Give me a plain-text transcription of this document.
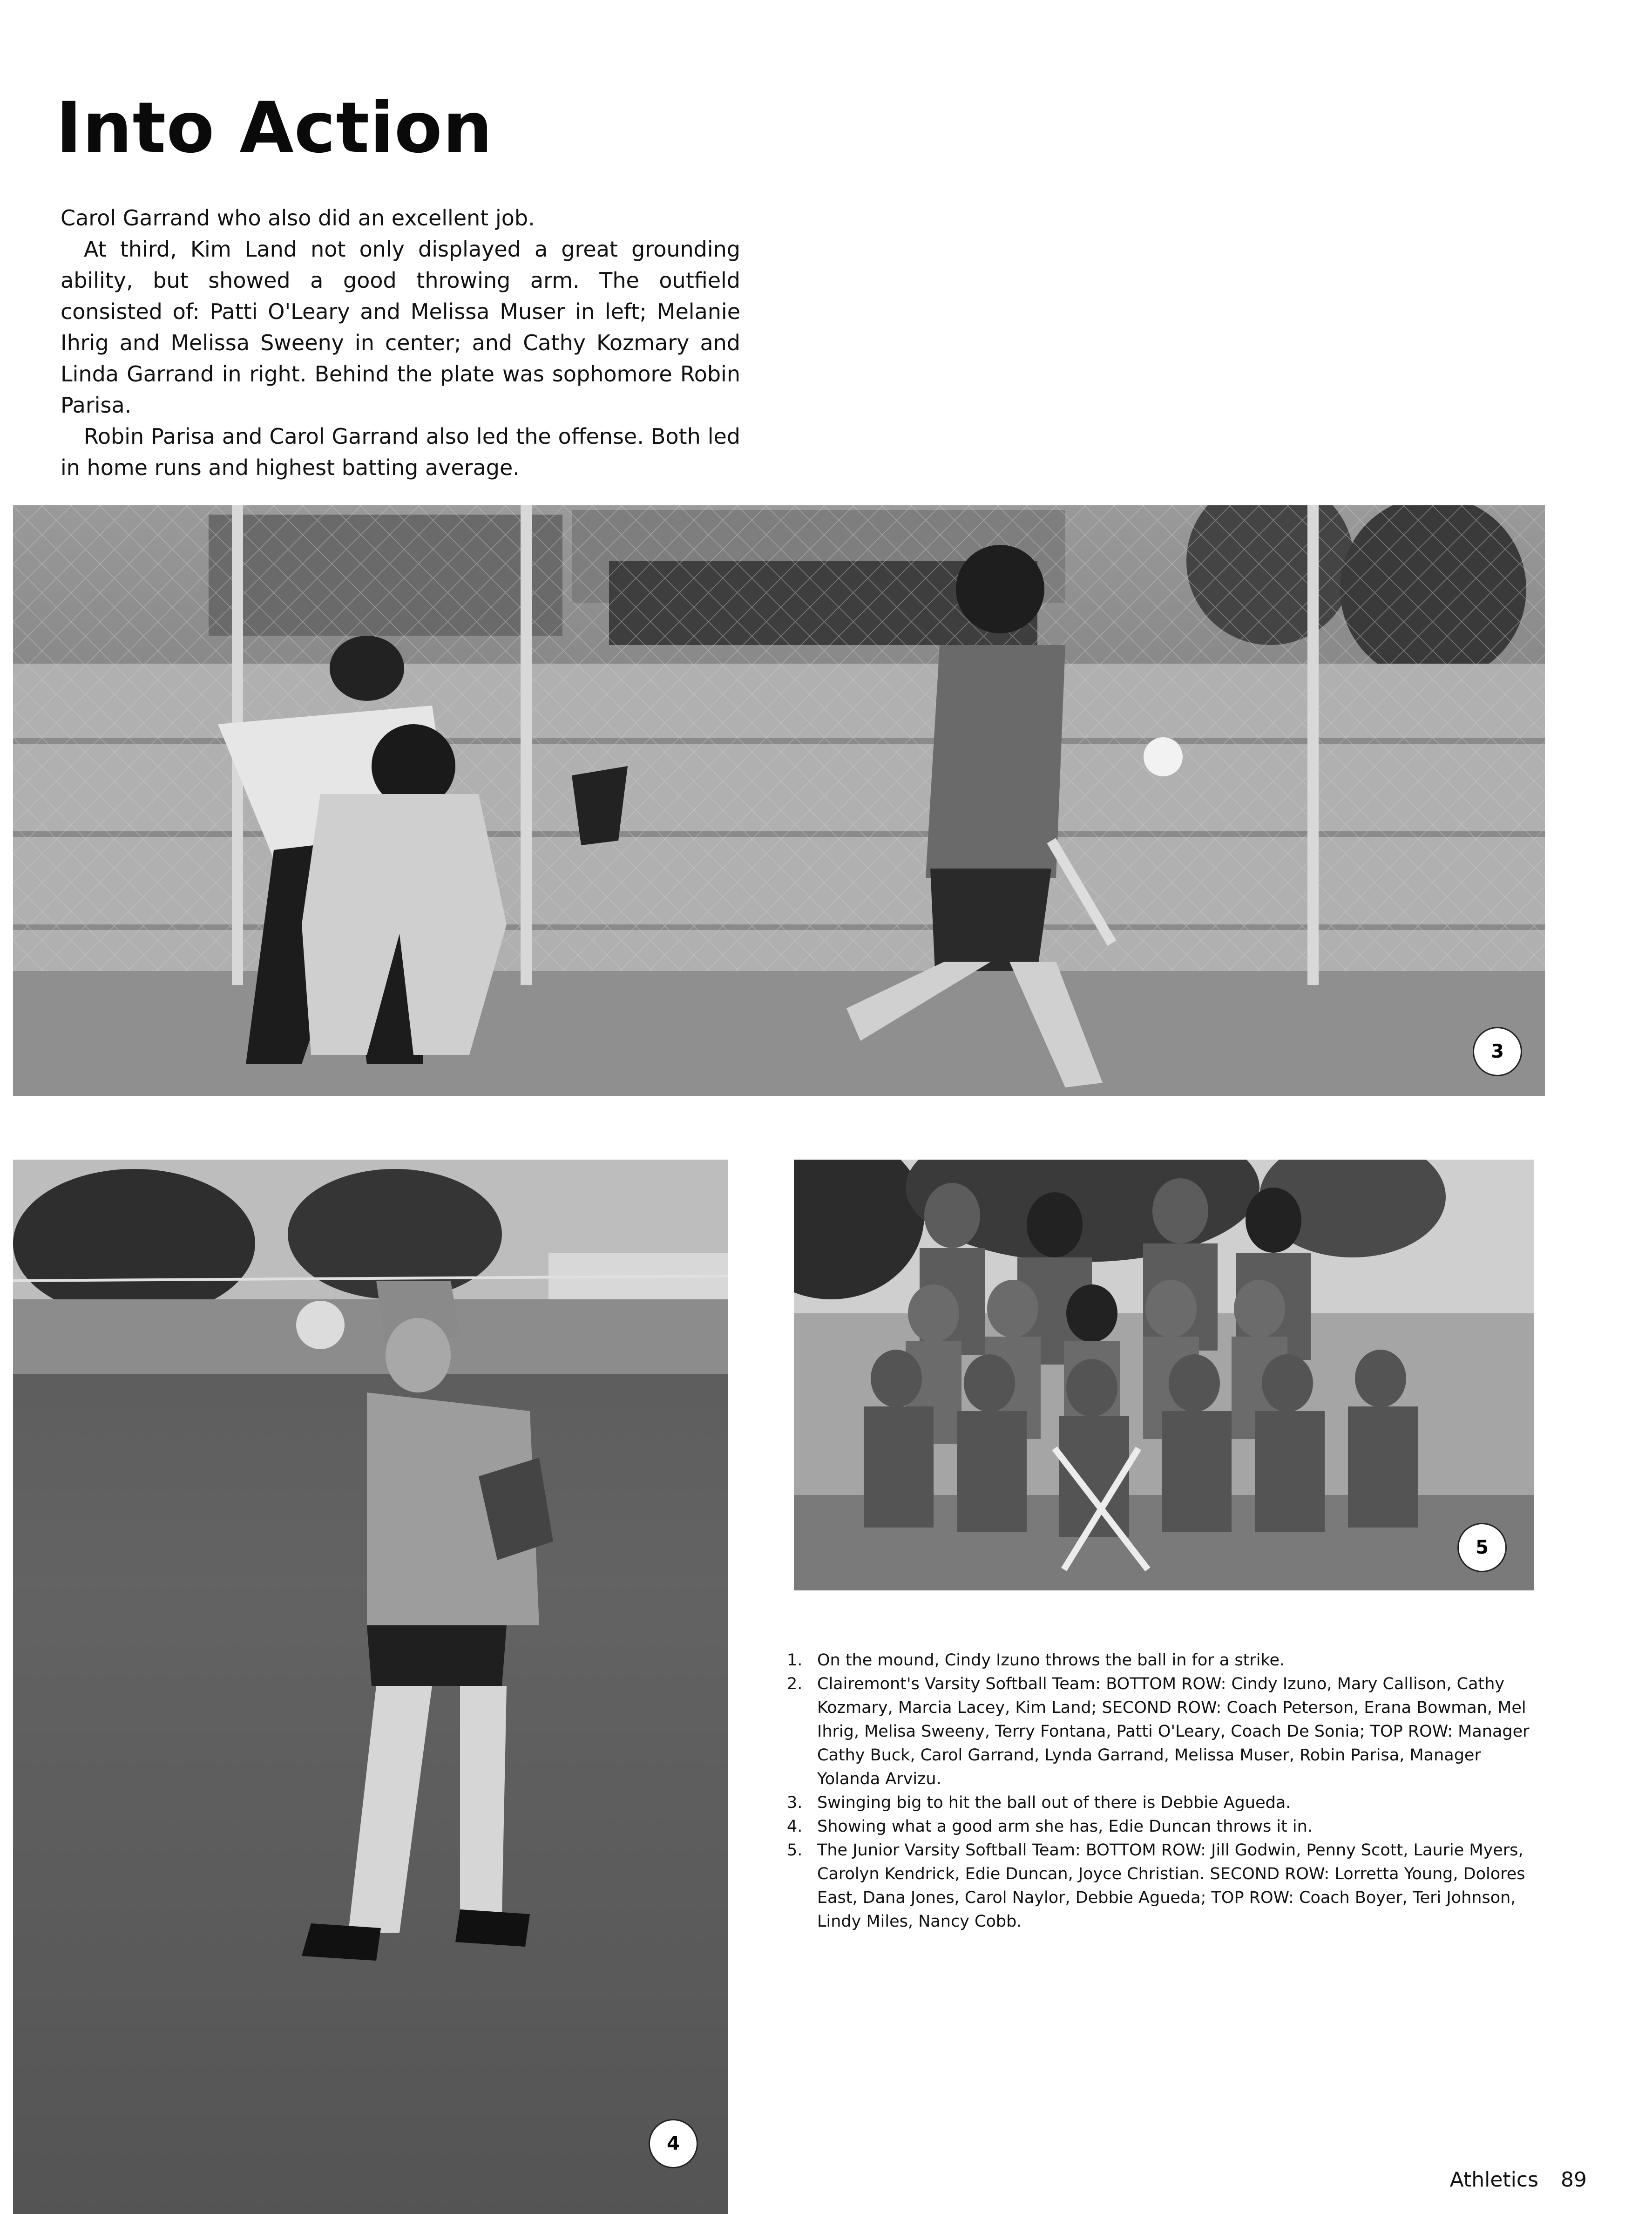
Into Action

Carol Garrand who also did an excellent job.

At third, Kim Land not only displayed a great grounding ability, but showed a good throwing arm. The outfield consisted of: Patti O'Leary and Melissa Muser in left; Melanie Ihrig and Melissa Sweeny in center; and Cathy Kozmary and Linda Garrand in right. Behind the plate was sophomore Robin Parisa.

Robin Parisa and Carol Garrand also led the offense. Both led in home runs and highest batting average.

3
4
5
1. On the mound, Cindy Izuno throws the ball in for a strike.
2. Clairemont's Varsity Softball Team: BOTTOM ROW: Cindy Izuno, Mary Callison, Cathy Kozmary, Marcia Lacey, Kim Land; SECOND ROW: Coach Peterson, Erana Bowman, Mel Ihrig, Melisa Sweeny, Terry Fontana, Patti O'Leary, Coach De Sonia; TOP ROW: Manager Cathy Buck, Carol Garrand, Lynda Garrand, Melissa Muser, Robin Parisa, Manager Yolanda Arvizu.
3. Swinging big to hit the ball out of there is Debbie Agueda.
4. Showing what a good arm she has, Edie Duncan throws it in.
5. The Junior Varsity Softball Team: BOTTOM ROW: Jill Godwin, Penny Scott, Laurie Myers, Carolyn Kendrick, Edie Duncan, Joyce Christian. SECOND ROW: Lorretta Young, Dolores East, Dana Jones, Carol Naylor, Debbie Agueda; TOP ROW: Coach Boyer, Teri Johnson, Lindy Miles, Nancy Cobb.
Athletics 89
